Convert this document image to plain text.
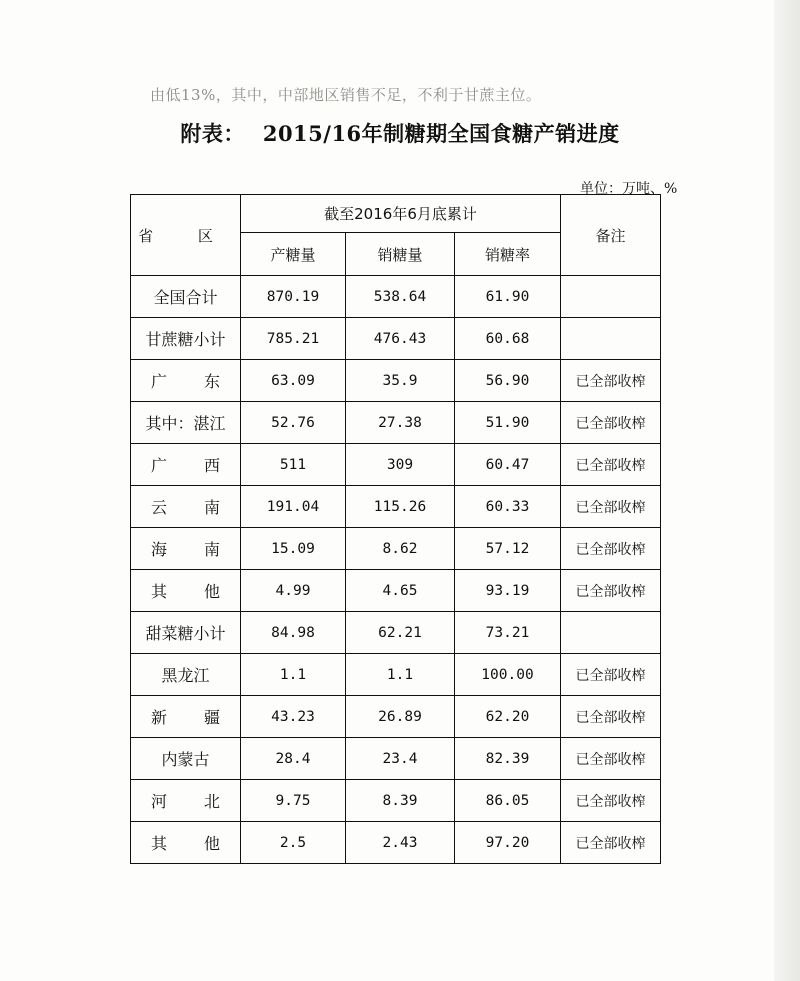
由低13%，其中，中部地区销售不足，不利于甘蔗主位。
附表： 2015/16年制糖期全国食糖产销进度
单位：万吨、%
省 区	截至2016年6月底累计			备注
	产糖量	销糖量	销糖率	
全国合计	870.19	538.64	61.90	
甘蔗糖小计	785.21	476.43	60.68	
广 东	63.09	35.9	56.90	已全部收榨
其中：湛江	52.76	27.38	51.90	已全部收榨
广 西	511	309	60.47	已全部收榨
云 南	191.04	115.26	60.33	已全部收榨
海 南	15.09	8.62	57.12	已全部收榨
其 他	4.99	4.65	93.19	已全部收榨
甜菜糖小计	84.98	62.21	73.21	
黑龙江	1.1	1.1	100.00	已全部收榨
新 疆	43.23	26.89	62.20	已全部收榨
内蒙古	28.4	23.4	82.39	已全部收榨
河 北	9.75	8.39	86.05	已全部收榨
其 他	2.5	2.43	97.20	已全部收榨
